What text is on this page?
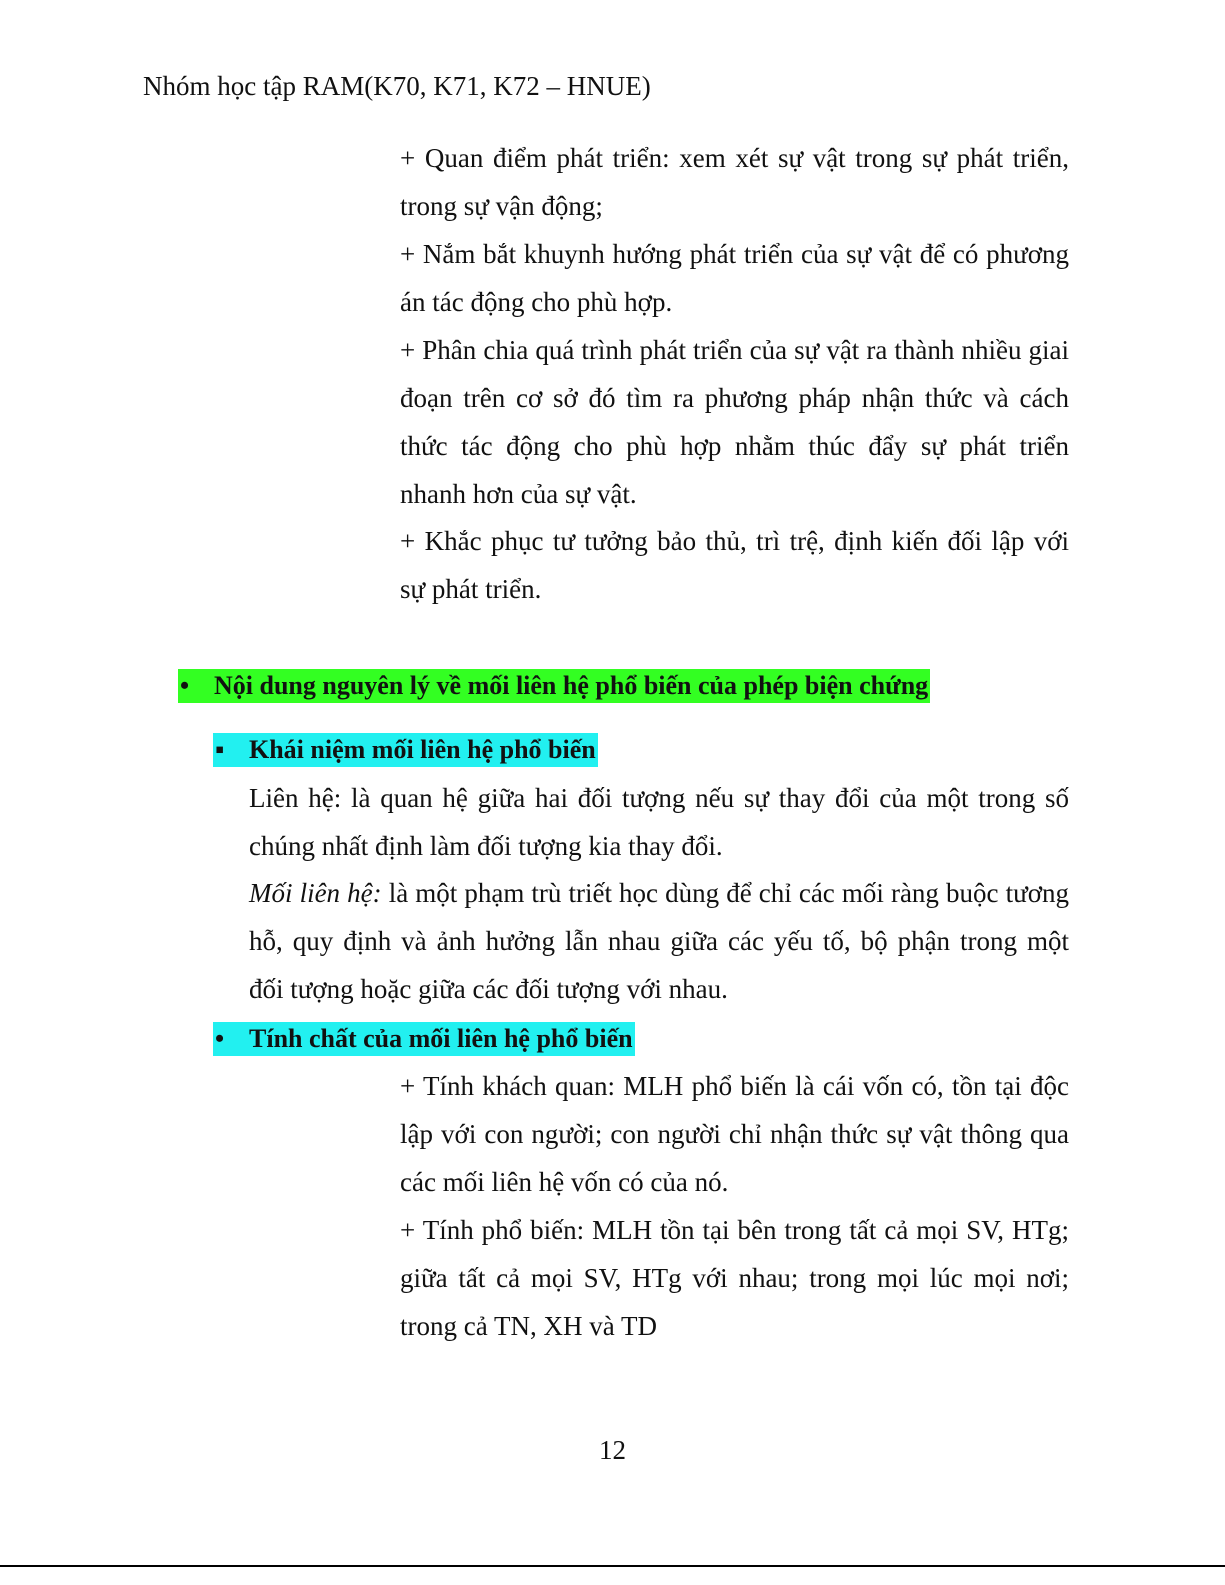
Nhóm học tập RAM(K70, K71, K72 – HNUE)
+ Quan điểm phát triển: xem xét sự vật trong sự phát triển,
trong sự vận động;
+ Nắm bắt khuynh hướng phát triển của sự vật để có phương
án tác động cho phù hợp.
+ Phân chia quá trình phát triển của sự vật ra thành nhiều giai
đoạn trên cơ sở đó tìm ra phương pháp nhận thức và cách
thức tác động cho phù hợp nhằm thúc đẩy sự phát triển
nhanh hơn của sự vật.
+ Khắc phục tư tưởng bảo thủ, trì trệ, định kiến đối lập với
sự phát triển.
• Nội dung nguyên lý về mối liên hệ phổ biến của phép biện chứng
▪ Khái niệm mối liên hệ phổ biến
Liên hệ: là quan hệ giữa hai đối tượng nếu sự thay đổi của một trong số
chúng nhất định làm đối tượng kia thay đổi.
Mối liên hệ: là một phạm trù triết học dùng để chỉ các mối ràng buộc tương
hỗ, quy định và ảnh hưởng lẫn nhau giữa các yếu tố, bộ phận trong một
đối tượng hoặc giữa các đối tượng với nhau.
• Tính chất của mối liên hệ phổ biến
+ Tính khách quan: MLH phổ biến là cái vốn có, tồn tại độc
lập với con người; con người chỉ nhận thức sự vật thông qua
các mối liên hệ vốn có của nó.
+ Tính phổ biến: MLH tồn tại bên trong tất cả mọi SV, HTg;
giữa tất cả mọi SV, HTg với nhau; trong mọi lúc mọi nơi;
trong cả TN, XH và TD
12
